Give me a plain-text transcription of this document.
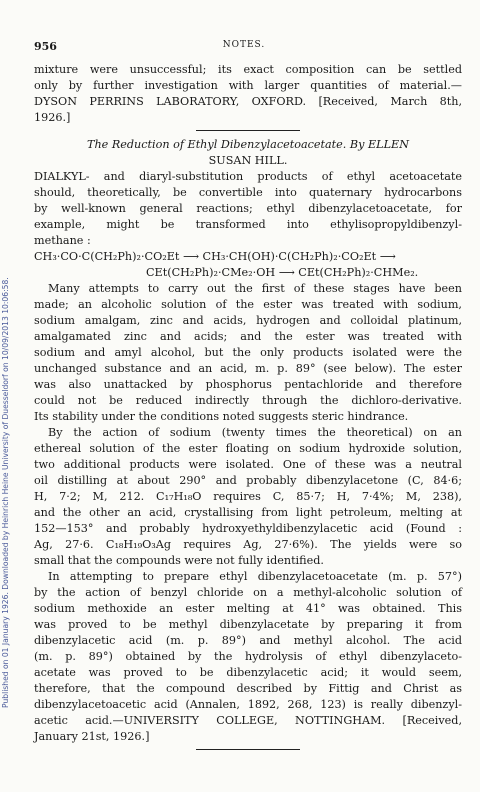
Published on 01 January 1926. Downloaded by Heinrich Heine University of Duesseldorf on 10/09/2013 10:06:58.
956	NOTES.
mixture were unsuccessful; its exact composition can be settled
only by further investigation with larger quantities of material.—
DYSON PERRINS LABORATORY, OXFORD. [Received, March 8th,
1926.]
The Reduction of Ethyl Dibenzylacetoacetate. By ELLEN
SUSAN HILL.
DIALKYL- and diaryl-substitution products of ethyl acetoacetate
should, theoretically, be convertible into quaternary hydrocarbons
by well-known general reactions; ethyl dibenzylacetoacetate, for
example, might be transformed into ethylisopropyldibenzyl-
methane :
CH₃·CO·C(CH₂Ph)₂·CO₂Et ⟶ CH₃·CH(OH)·C(CH₂Ph)₂·CO₂Et ⟶
CEt(CH₂Ph)₂·CMe₂·OH ⟶ CEt(CH₂Ph)₂·CHMe₂.
Many attempts to carry out the first of these stages have been
made; an alcoholic solution of the ester was treated with sodium,
sodium amalgam, zinc and acids, hydrogen and colloidal platinum,
amalgamated zinc and acids; and the ester was treated with
sodium and amyl alcohol, but the only products isolated were the
unchanged substance and an acid, m. p. 89° (see below). The ester
was also unattacked by phosphorus pentachloride and therefore
could not be reduced indirectly through the dichloro-derivative.
Its stability under the conditions noted suggests steric hindrance.
By the action of sodium (twenty times the theoretical) on an
ethereal solution of the ester floating on sodium hydroxide solution,
two additional products were isolated. One of these was a neutral
oil distilling at about 290° and probably dibenzylacetone (C, 84·6;
H, 7·2; M, 212. C₁₇H₁₈O requires C, 85·7; H, 7·4%; M, 238),
and the other an acid, crystallising from light petroleum, melting at
152—153° and probably hydroxyethyldibenzylacetic acid (Found :
Ag, 27·6. C₁₈H₁₉O₃Ag requires Ag, 27·6%). The yields were so
small that the compounds were not fully identified.
In attempting to prepare ethyl dibenzylacetoacetate (m. p. 57°)
by the action of benzyl chloride on a methyl-alcoholic solution of
sodium methoxide an ester melting at 41° was obtained. This
was proved to be methyl dibenzylacetate by preparing it from
dibenzylacetic acid (m. p. 89°) and methyl alcohol. The acid
(m. p. 89°) obtained by the hydrolysis of ethyl dibenzylaceto-
acetate was proved to be dibenzylacetic acid; it would seem,
therefore, that the compound described by Fittig and Christ as
dibenzylacetoacetic acid (Annalen, 1892, 268, 123) is really dibenzyl-
acetic acid.—UNIVERSITY COLLEGE, NOTTINGHAM. [Received,
January 21st, 1926.]
